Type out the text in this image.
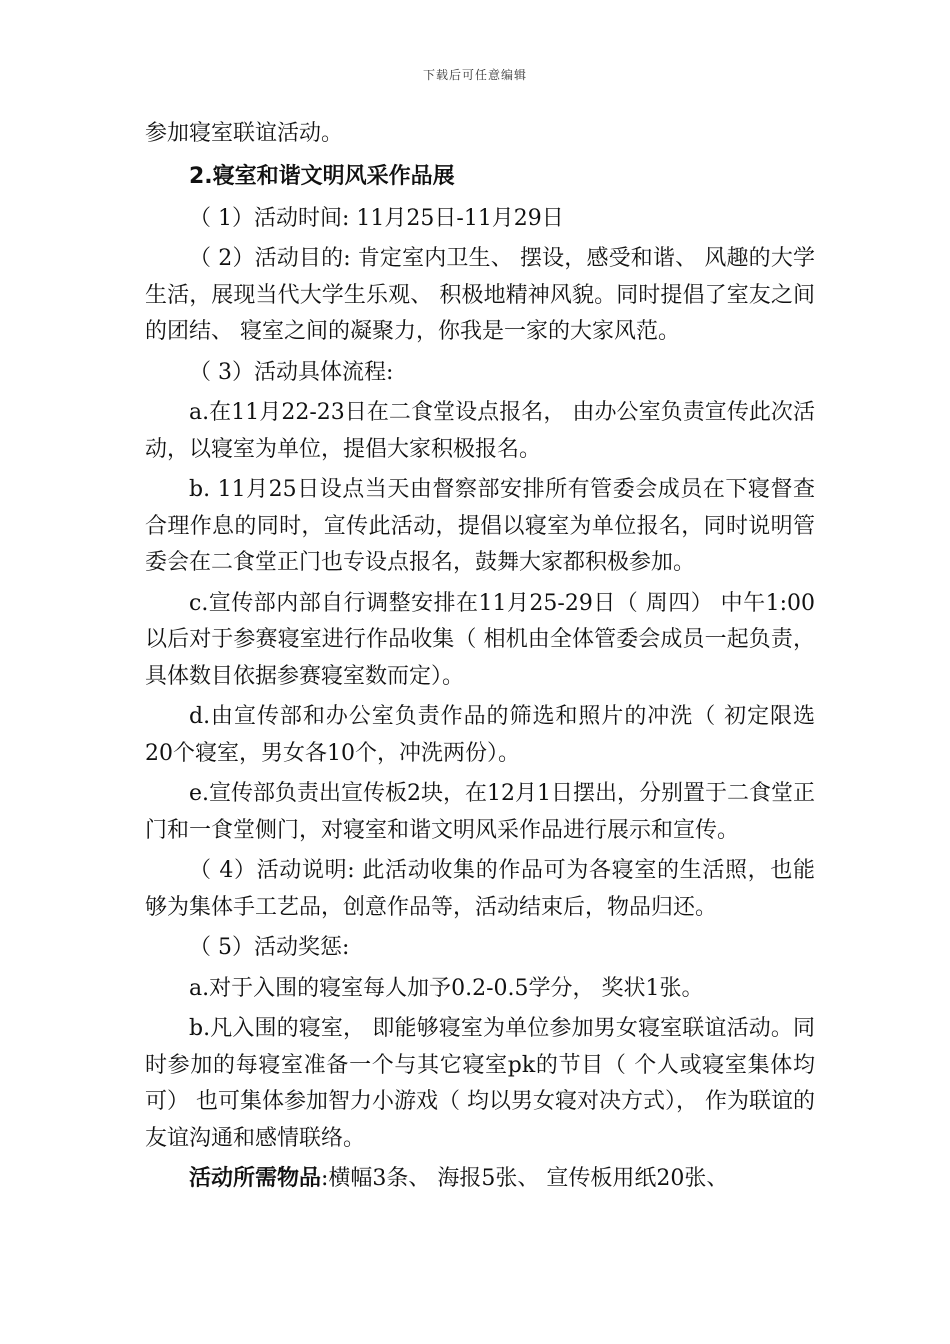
下载后可任意编辑

参加寝室联谊活动。

2.寝室和谐文明风采作品展

（ 1）活动时间: 11月25日-11月29日

（ 2）活动目的: 肯定室内卫生、 摆设，感受和谐、 风趣的大学生活，展现当代大学生乐观、 积极地精神风貌。同时提倡了室友之间的团结、 寝室之间的凝聚力，你我是一家的大家风范。

（ 3）活动具体流程:

a.在11月22-23日在二食堂设点报名， 由办公室负责宣传此次活动，以寝室为单位，提倡大家积极报名。

b. 11月25日设点当天由督察部安排所有管委会成员在下寝督查合理作息的同时，宣传此活动，提倡以寝室为单位报名，同时说明管委会在二食堂正门也专设点报名，鼓舞大家都积极参加。

c.宣传部内部自行调整安排在11月25-29日（ 周四） 中午1:00以后对于参赛寝室进行作品收集（ 相机由全体管委会成员一起负责，具体数目依据参赛寝室数而定）。

d.由宣传部和办公室负责作品的筛选和照片的冲洗（ 初定限选20个寝室，男女各10个，冲洗两份）。

e.宣传部负责出宣传板2块，在12月1日摆出，分别置于二食堂正门和一食堂侧门，对寝室和谐文明风采作品进行展示和宣传。

（ 4）活动说明: 此活动收集的作品可为各寝室的生活照，也能够为集体手工艺品，创意作品等，活动结束后，物品归还。

（ 5）活动奖惩:

a.对于入围的寝室每人加予0.2-0.5学分， 奖状1张。

b.凡入围的寝室， 即能够寝室为单位参加男女寝室联谊活动。同时参加的每寝室准备一个与其它寝室pk的节目（ 个人或寝室集体均可） 也可集体参加智力小游戏（ 均以男女寝对决方式）， 作为联谊的友谊沟通和感情联络。

活动所需物品:横幅3条、 海报5张、 宣传板用纸20张、
